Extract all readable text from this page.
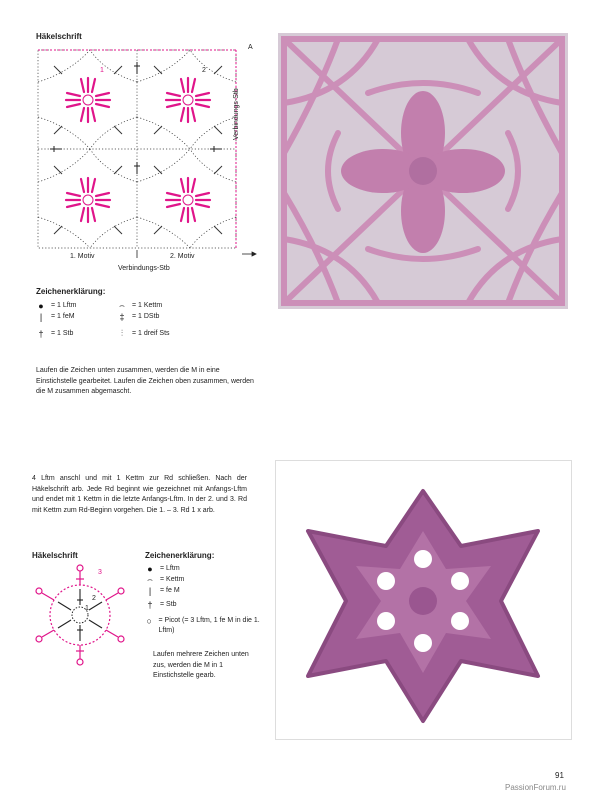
Häkelschrift
1	2
A
1. Motiv	2. Motiv
Verbindungs-Stb
Verbindungs-Stb
Zeichenerklärung:
●	= 1 Lftm
|	= 1 feM
†	= 1 Stb
⌢ = 1 Kettm
‡	= 1 DStb
⫶	= 1 dreif Sts
Laufen die Zeichen unten zusammen, werden die M in eine Einstichstelle gearbeitet. Laufen die Zeichen oben zusammen, werden die M zusammen abgemascht.
4 Lftm anschl und mit 1 Kettm zur Rd schließen. Nach der Häkelschrift arb. Jede Rd beginnt wie gezeichnet mit Anfangs-Lftm und endet mit 1 Kettm in die letzte Anfangs-Lftm. In der 2. und 3. Rd mit Kettm zum Rd-Beginn vorgehen. Die 1. – 3. Rd 1 x arb.
Häkelschrift
1
2
3
Zeichenerklärung:
●	= Lftm
⌢ = Kettm
|	= fe M
†	= Stb
○ = Picot (= 3 Lftm, 1 fe M in die 1. Lftm)
Laufen mehrere Zeichen unten zus, werden die M in 1 Einstichstelle gearb.
91
PassionForum.ru
